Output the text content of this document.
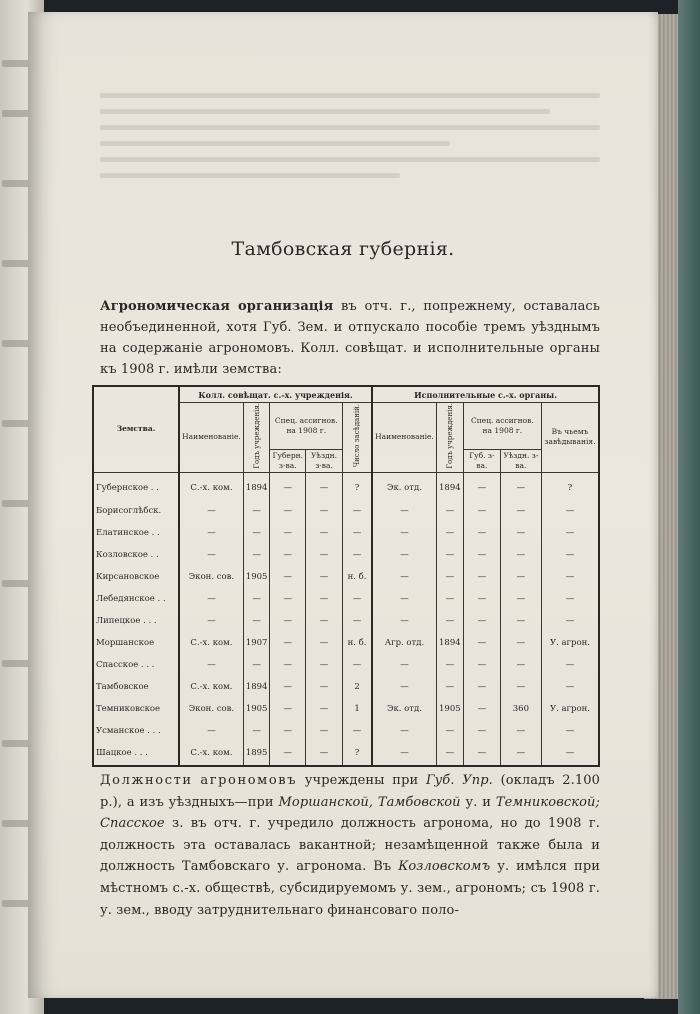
Тамбовская губернія.
Агрономическая организація въ отч. г., попрежнему, оставалась необъединенной, хотя Губ. Зем. и отпускало пособіе тремъ уѣзднымъ на содержаніе агрономовъ. Колл. совѣщат. и исполнительные органы къ 1908 г. имѣли земства:
Земства.	Колл. совѣщат. с.-х. учрежденія.					Исполнительные с.-х. органы.				
	Наименованіе.	Годъ учрежденія.	Спец. ассигнов. на 1908 г.		Число засѣданій.	Наименованіе.	Годъ учрежденія.	Спец. ассигнов. на 1908 г.		Въ чьемъ завѣдыванія.
			Губерн. з-ва.	Уѣздн. з-ва.				Губ. з-ва.	Уѣздн. з-ва.	
Губернское . .	С.-х. ком.	1894	—	—	?	Эк. отд.	1894	—	—	?
Борисоглѣбск.	—	—	—	—	—	—	—	—	—	—
Елатинское . .	—	—	—	—	—	—	—	—	—	—
Козловское . .	—	—	—	—	—	—	—	—	—	—
Кирсановское	Экон. сов.	1905	—	—	н. б.	—	—	—	—	—
Лебедянское . .	—	—	—	—	—	—	—	—	—	—
Липецкое . . .	—	—	—	—	—	—	—	—	—	—
Моршанское	С.-х. ком.	1907	—	—	н. б.	Агр. отд.	1894	—	—	У. агрон.
Спасское . . .	—	—	—	—	—	—	—	—	—	—
Тамбовское	С.-х. ком.	1894	—	—	2	—	—	—	—	—
Темниковское	Экон. сов.	1905	—	—	1	Эк. отд.	1905	—	360	У. агрон.
Усманское . . .	—	—	—	—	—	—	—	—	—	—
Шацкое . . .	С.-х. ком.	1895	—	—	?	—	—	—	—	—
Должности агрономовъ учреждены при Губ. Упр. (окладъ 2.100 р.), а изъ уѣздныхъ—при Моршанской, Тамбовской у. и Темниковской; Спасское з. въ отч. г. учредило должность агронома, но до 1908 г. должность эта оставалась вакантной; незамѣщенной также была и должность Тамбовскаго у. агронома. Въ Козловскомъ у. имѣлся при мѣстномъ с.-х. обществѣ, субсидируемомъ у. зем., агрономъ; съ 1908 г. у. зем., вводу затруднительнаго финансоваго поло-
